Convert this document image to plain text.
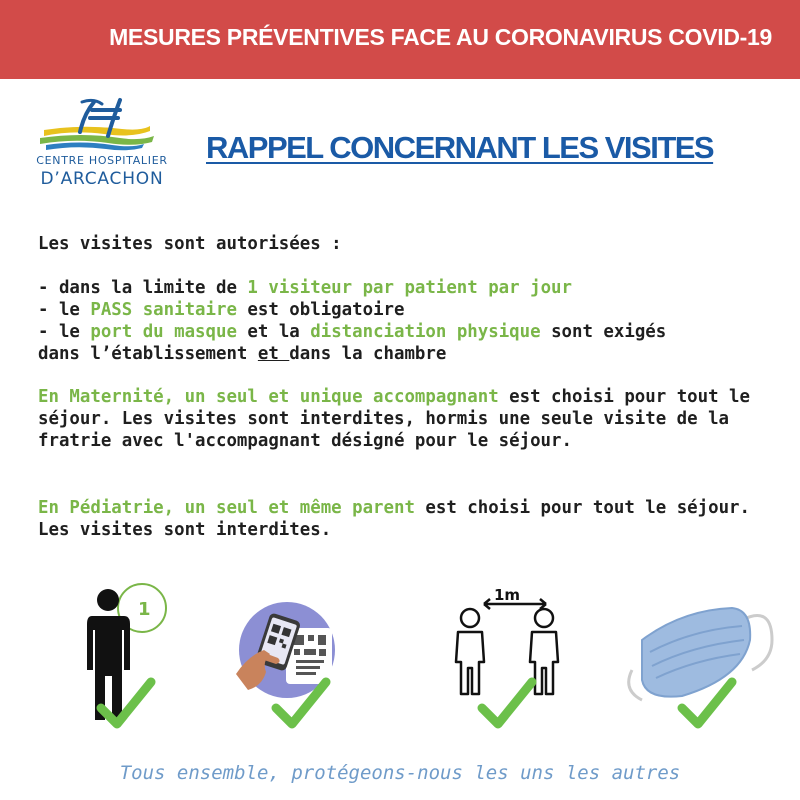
MESURES PRÉVENTIVES FACE AU CORONAVIRUS COVID-19
CENTRE HOSPITALIER
D’ARCACHON
RAPPEL CONCERNANT LES VISITES

Les visites sont autorisées :

- dans la limite de 1 visiteur par patient par jour

- le PASS sanitaire est obligatoire

- le port du masque et la distanciation physique sont exigés

dans l’établissement et dans la chambre

En Maternité, un seul et unique accompagnant est choisi pour tout le séjour. Les visites sont interdites, hormis une seule visite de la fratrie avec l'accompagnant désigné pour le séjour.
En Pédiatrie, un seul et même parent est choisi pour tout le séjour. Les visites sont interdites.
1
1m
Tous ensemble, protégeons-nous les uns les autres
